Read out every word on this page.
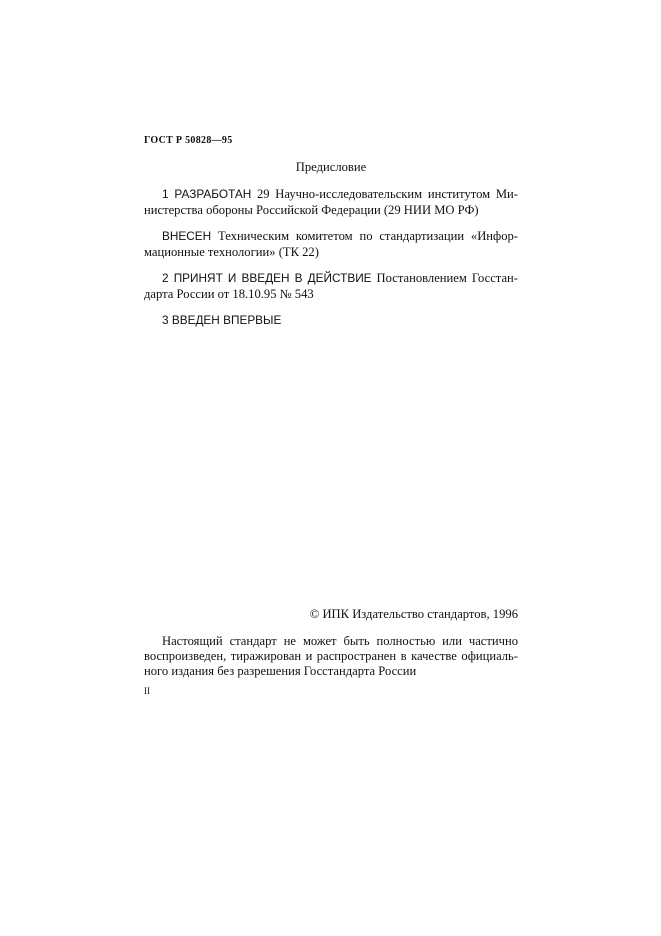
ГОСТ Р 50828—95
Предисловие
1 РАЗРАБОТАН 29 Научно-исследовательским институтом Ми-
нистерства обороны Российской Федерации (29 НИИ МО РФ)
ВНЕСЕН Техническим комитетом по стандартизации «Инфор-
мационные технологии» (ТК 22)
2 ПРИНЯТ И ВВЕДЕН В ДЕЙСТВИЕ Постановлением Госстан-
дарта России от 18.10.95 № 543
3 ВВЕДЕН ВПЕРВЫЕ
© ИПК Издательство стандартов, 1996
Настоящий стандарт не может быть полностью или частично
воспроизведен, тиражирован и распространен в качестве официаль-
ного издания без разрешения Госстандарта России
II
